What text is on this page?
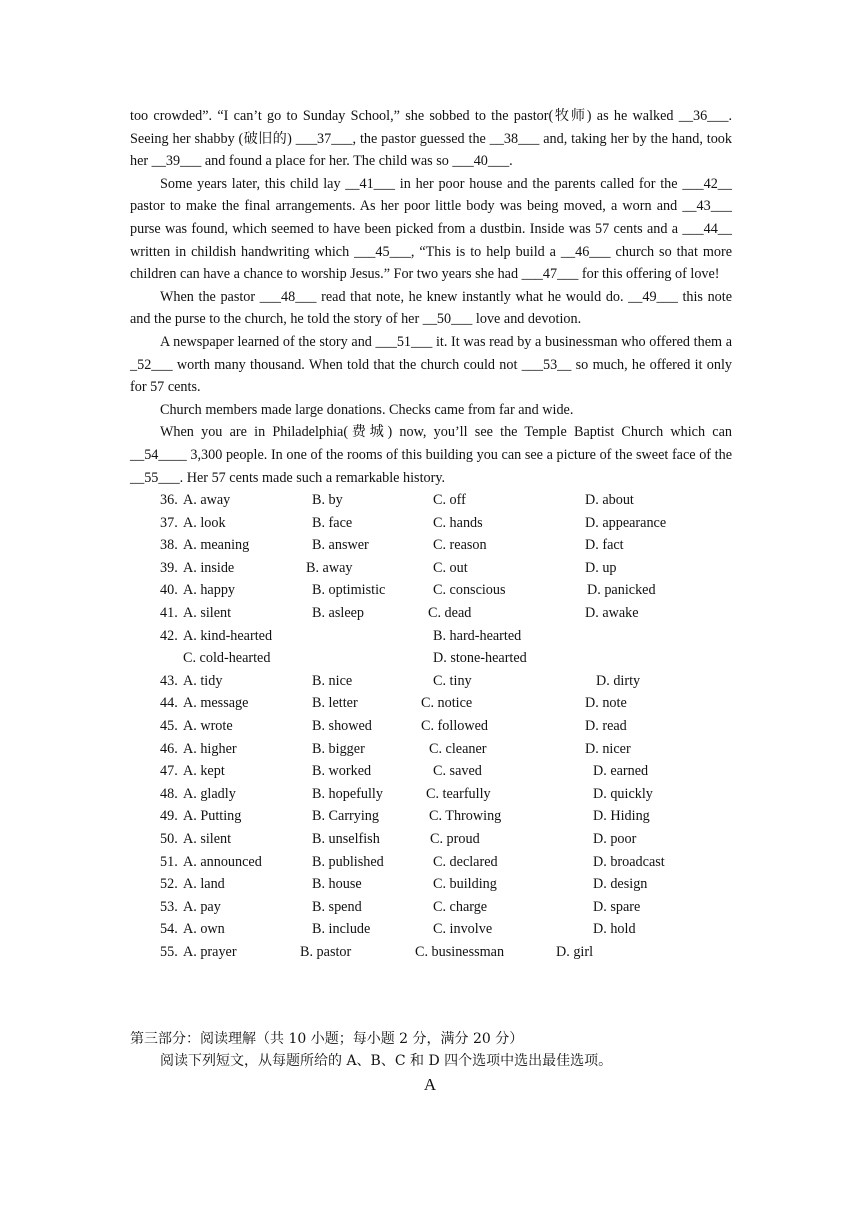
too crowded”. “I can’t go to Sunday School,” she sobbed to the pastor(牧师) as he walked __36___. Seeing her shabby (破旧的) ___37___, the pastor guessed the __38___ and, taking her by the hand, took her __39___ and found a place for her. The child was so ___40___.

Some years later, this child lay __41___ in her poor house and the parents called for the ___42__ pastor to make the final arrangements. As her poor little body was being moved, a worn and __43___ purse was found, which seemed to have been picked from a dustbin. Inside was 57 cents and a ___44__ written in childish handwriting which ___45___, “This is to help build a __46___ church so that more children can have a chance to worship Jesus.” For two years she had ___47___ for this offering of love!

When the pastor ___48___ read that note, he knew instantly what he would do. __49___ this note and the purse to the church, he told the story of her __50___ love and devotion.

A newspaper learned of the story and ___51___ it. It was read by a businessman who offered them a _52___ worth many thousand. When told that the church could not ___53__ so much, he offered it only for 57 cents.

Church members made large donations. Checks came from far and wide.

When you are in Philadelphia(费城) now, you’ll see the Temple Baptist Church which can __54____ 3,300 people. In one of the rooms of this building you can see a picture of the sweet face of the __55___. Her 57 cents made such a remarkable history.

36. A. away	B. by	C. off	D. about
37. A. look	B. face	C. hands	D. appearance
38. A. meaning	B. answer	C. reason	D. fact
39. A. inside	B. away	C. out	D. up
40. A. happy	B. optimistic	C. conscious	D. panicked
41. A. silent	B. asleep	C. dead	D. awake
42. A. kind-hearted	B. hard-hearted
C. cold-hearted	D. stone-hearted
43. A. tidy	B. nice	C. tiny	D. dirty
44. A. message	B. letter	C. notice	D. note
45. A. wrote	B. showed	C. followed	D. read
46. A. higher	B. bigger	C. cleaner	D. nicer
47. A. kept	B. worked	C. saved	D. earned
48. A. gladly	B. hopefully	C. tearfully	D. quickly
49. A. Putting	B. Carrying	C. Throwing	D. Hiding
50. A. silent	B. unselfish	C. proud	D. poor
51. A. announced	B. published	C. declared	D. broadcast
52. A. land	B. house	C. building	D. design
53. A. pay	B. spend	C. charge	D. spare
54. A. own	B. include	C. involve	D. hold
55. A. prayer	B. pastor	C. businessman	D. girl
第三部分：阅读理解（共 10 小题；每小题 2 分，满分 20 分）
阅读下列短文，从每题所给的 A、B、C 和 D 四个选项中选出最佳选项。
A
